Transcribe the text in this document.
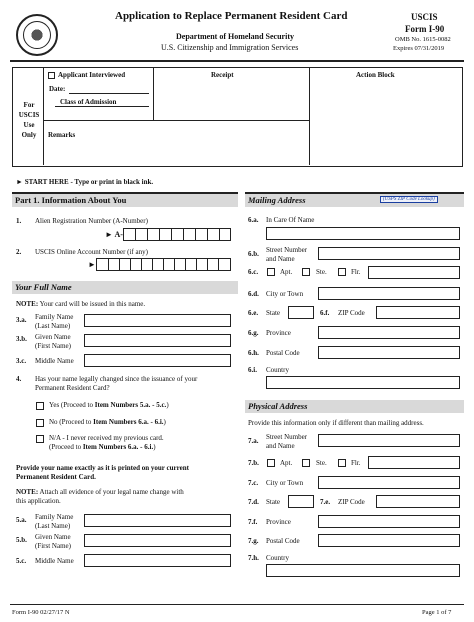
Application to Replace Permanent Resident Card
Department of Homeland Security
U.S. Citizenship and Immigration Services
USCIS
Form I-90
OMB No. 1615-0082
Expires 07/31/2019
For
USCIS
Use
Only
Applicant Interviewed
Date:
Class of Admission
Remarks
Receipt	Action Block
► START HERE - Type or print in black ink.
Part 1. Information About You
1. Alien Registration Number (A-Number)
► A-
2. USCIS Online Account Number (if any)
►
Your Full Name
NOTE: Your card will be issued in this name.
3.a. Family Name
(Last Name)
3.b. Given Name
(First Name)
3.c. Middle Name
4. Has your name legally changed since the issuance of your
Permanent Resident Card?
Yes (Proceed to Item Numbers 5.a. - 5.c.)
No (Proceed to Item Numbers 6.a. - 6.i.)
N/A - I never received my previous card.
(Proceed to Item Numbers 6.a. - 6.i.)
Provide your name exactly as it is printed on your current
Permanent Resident Card.
NOTE: Attach all evidence of your legal name change with
this application.
5.a. Family Name
(Last Name)
5.b. Given Name
(First Name)
5.c. Middle Name
Mailing Address	(USPS ZIP Code Lookup)
6.a. In Care Of Name
6.b. Street Number
and Name
6.c.	Apt.	Ste.	Flr.
6.d. City or Town
6.e. State	6.f. ZIP Code
6.g. Province
6.h. Postal Code
6.i. Country
Physical Address
Provide this information only if different than mailing address.
7.a. Street Number
and Name
7.b.	Apt.	Ste.	Flr.
7.c. City or Town
7.d. State	7.e. ZIP Code
7.f. Province
7.g. Postal Code
7.h. Country
Form I-90 02/27/17 N	Page 1 of 7
